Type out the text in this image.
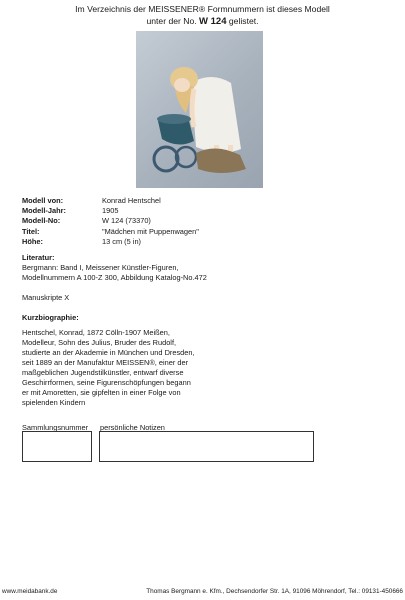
Im Verzeichnis der MEISSENER® Formnummern ist dieses Modell
unter der No. W 124 gelistet.
Modell von:	Konrad Hentschel
Modell-Jahr:	1905
Modell-No:	W 124 (73370)
Titel:	"Mädchen mit Puppenwagen"
Höhe:	13 cm (5 in)
Literatur:
Bergmann: Band I, Meissener Künstler-Figuren,
Modellnummern A 100-Z 300, Abbildung Katalog-No.472
Manuskripte X
Kurzbiographie:
Hentschel, Konrad, 1872 Cölln-1907 Meißen,
Modelleur, Sohn des Julius, Bruder des Rudolf,
studierte an der Akademie in München und Dresden,
seit 1889 an der Manufaktur MEISSEN®, einer der
maßgeblichen Jugendstilkünstler, entwarf diverse
Geschirrformen, seine Figurenschöpfungen begann
er mit Amoretten, sie gipfelten in einer Folge von
spielenden Kindern
Sammlungsnummer persönliche Notizen
www.meidabank.de	Thomas Bergmann e. Kfm., Dechsendorfer Str. 1A, 91096 Möhrendorf, Tel.: 09131-450666
